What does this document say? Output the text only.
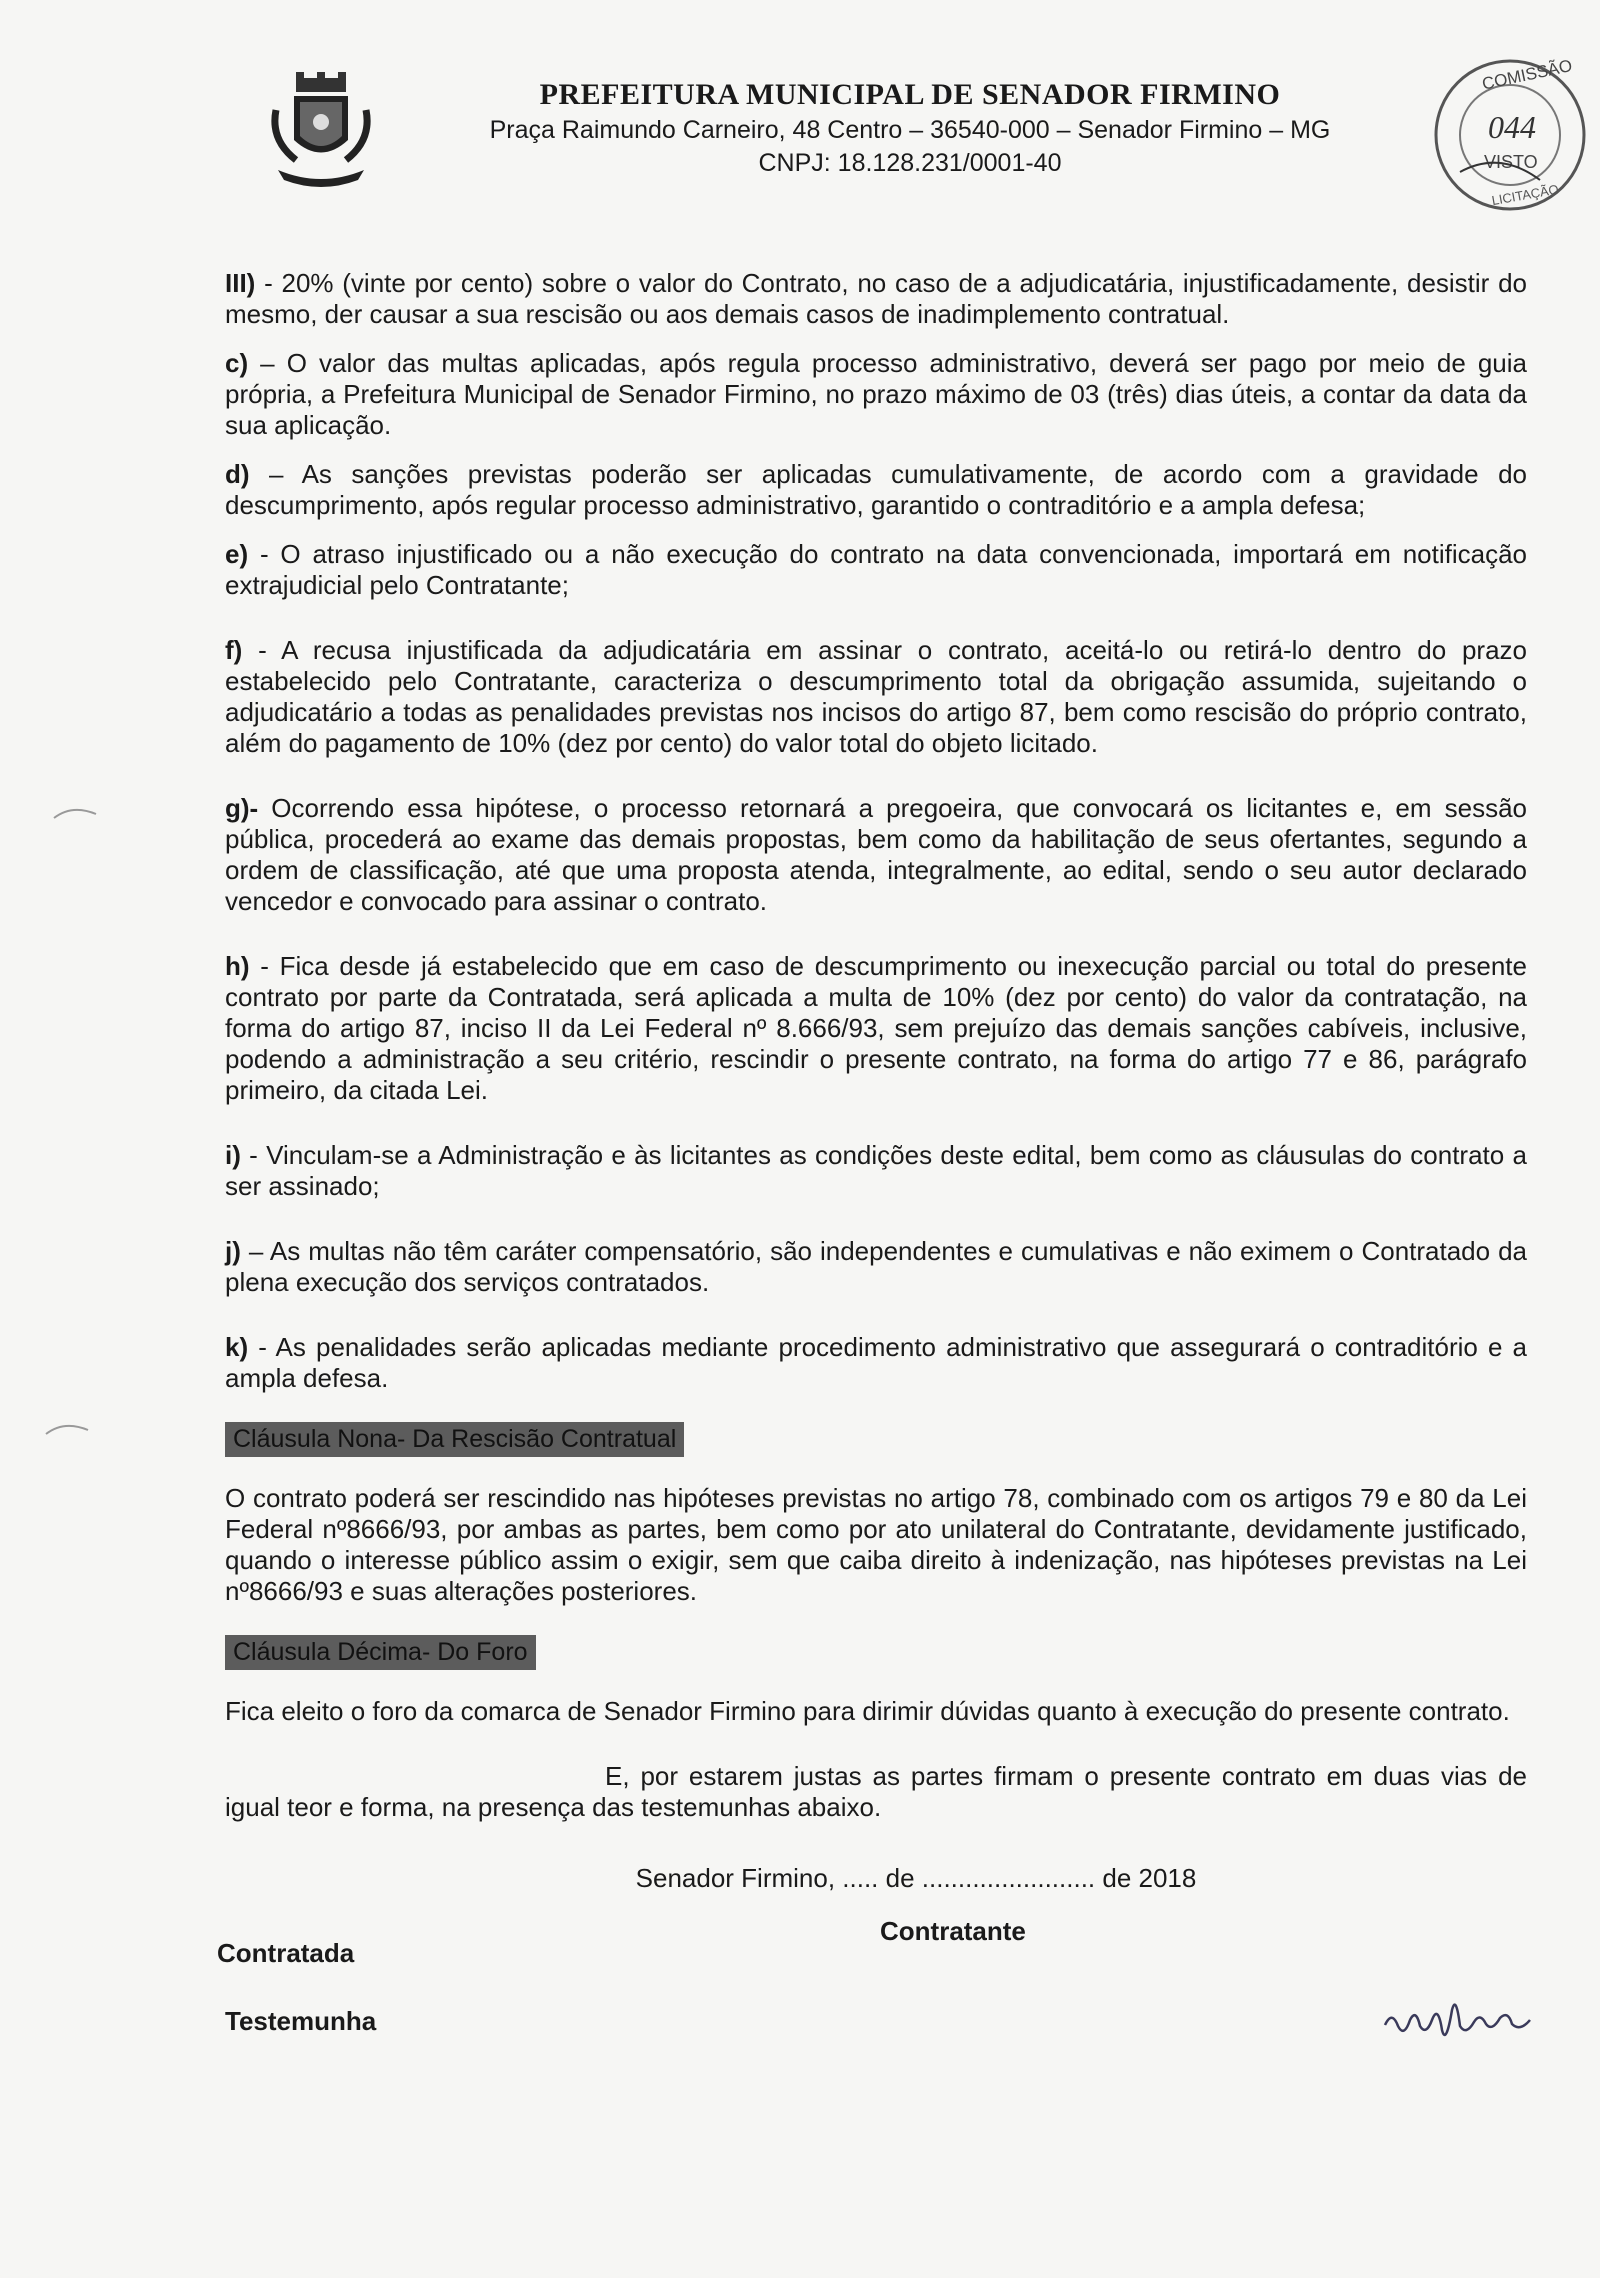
PREFEITURA MUNICIPAL DE SENADOR FIRMINO
Praça Raimundo Carneiro, 48 Centro – 36540-000 – Senador Firmino – MG
CNPJ: 18.128.231/0001-40
COMISSÃO
044
VISTO
LICITAÇÃO

III) - 20% (vinte por cento) sobre o valor do Contrato, no caso de a adjudicatária, injustificadamente, desistir do mesmo, der causar a sua rescisão ou aos demais casos de inadimplemento contratual.

c) – O valor das multas aplicadas, após regula processo administrativo, deverá ser pago por meio de guia própria, a Prefeitura Municipal de Senador Firmino, no prazo máximo de 03 (três) dias úteis, a contar da data da sua aplicação.

d) – As sanções previstas poderão ser aplicadas cumulativamente, de acordo com a gravidade do descumprimento, após regular processo administrativo, garantido o contraditório e a ampla defesa;

e) - O atraso injustificado ou a não execução do contrato na data convencionada, importará em notificação extrajudicial pelo Contratante;

f) - A recusa injustificada da adjudicatária em assinar o contrato, aceitá-lo ou retirá-lo dentro do prazo estabelecido pelo Contratante, caracteriza o descumprimento total da obrigação assumida, sujeitando o adjudicatário a todas as penalidades previstas nos incisos do artigo 87, bem como rescisão do próprio contrato, além do pagamento de 10% (dez por cento) do valor total do objeto licitado.

g)- Ocorrendo essa hipótese, o processo retornará a pregoeira, que convocará os licitantes e, em sessão pública, procederá ao exame das demais propostas, bem como da habilitação de seus ofertantes, segundo a ordem de classificação, até que uma proposta atenda, integralmente, ao edital, sendo o seu autor declarado vencedor e convocado para assinar o contrato.

h) - Fica desde já estabelecido que em caso de descumprimento ou inexecução parcial ou total do presente contrato por parte da Contratada, será aplicada a multa de 10% (dez por cento) do valor da contratação, na forma do artigo 87, inciso II da Lei Federal nº 8.666/93, sem prejuízo das demais sanções cabíveis, inclusive, podendo a administração a seu critério, rescindir o presente contrato, na forma do artigo 77 e 86, parágrafo primeiro, da citada Lei.

i) - Vinculam-se a Administração e às licitantes as condições deste edital, bem como as cláusulas do contrato a ser assinado;

j) – As multas não têm caráter compensatório, são independentes e cumulativas e não eximem o Contratado da plena execução dos serviços contratados.

k) - As penalidades serão aplicadas mediante procedimento administrativo que assegurará o contraditório e a ampla defesa.

Cláusula Nona- Da Rescisão Contratual

O contrato poderá ser rescindido nas hipóteses previstas no artigo 78, combinado com os artigos 79 e 80 da Lei Federal nº8666/93, por ambas as partes, bem como por ato unilateral do Contratante, devidamente justificado, quando o interesse público assim o exigir, sem que caiba direito à indenização, nas hipóteses previstas na Lei nº8666/93 e suas alterações posteriores.

Cláusula Décima- Do Foro

Fica eleito o foro da comarca de Senador Firmino para dirimir dúvidas quanto à execução do presente contrato.

E, por estarem justas as partes firmam o presente contrato em duas vias de igual teor e forma, na presença das testemunhas abaixo.

Senador Firmino, ..... de ........................ de 2018

Contratada
Contratante
Testemunha
